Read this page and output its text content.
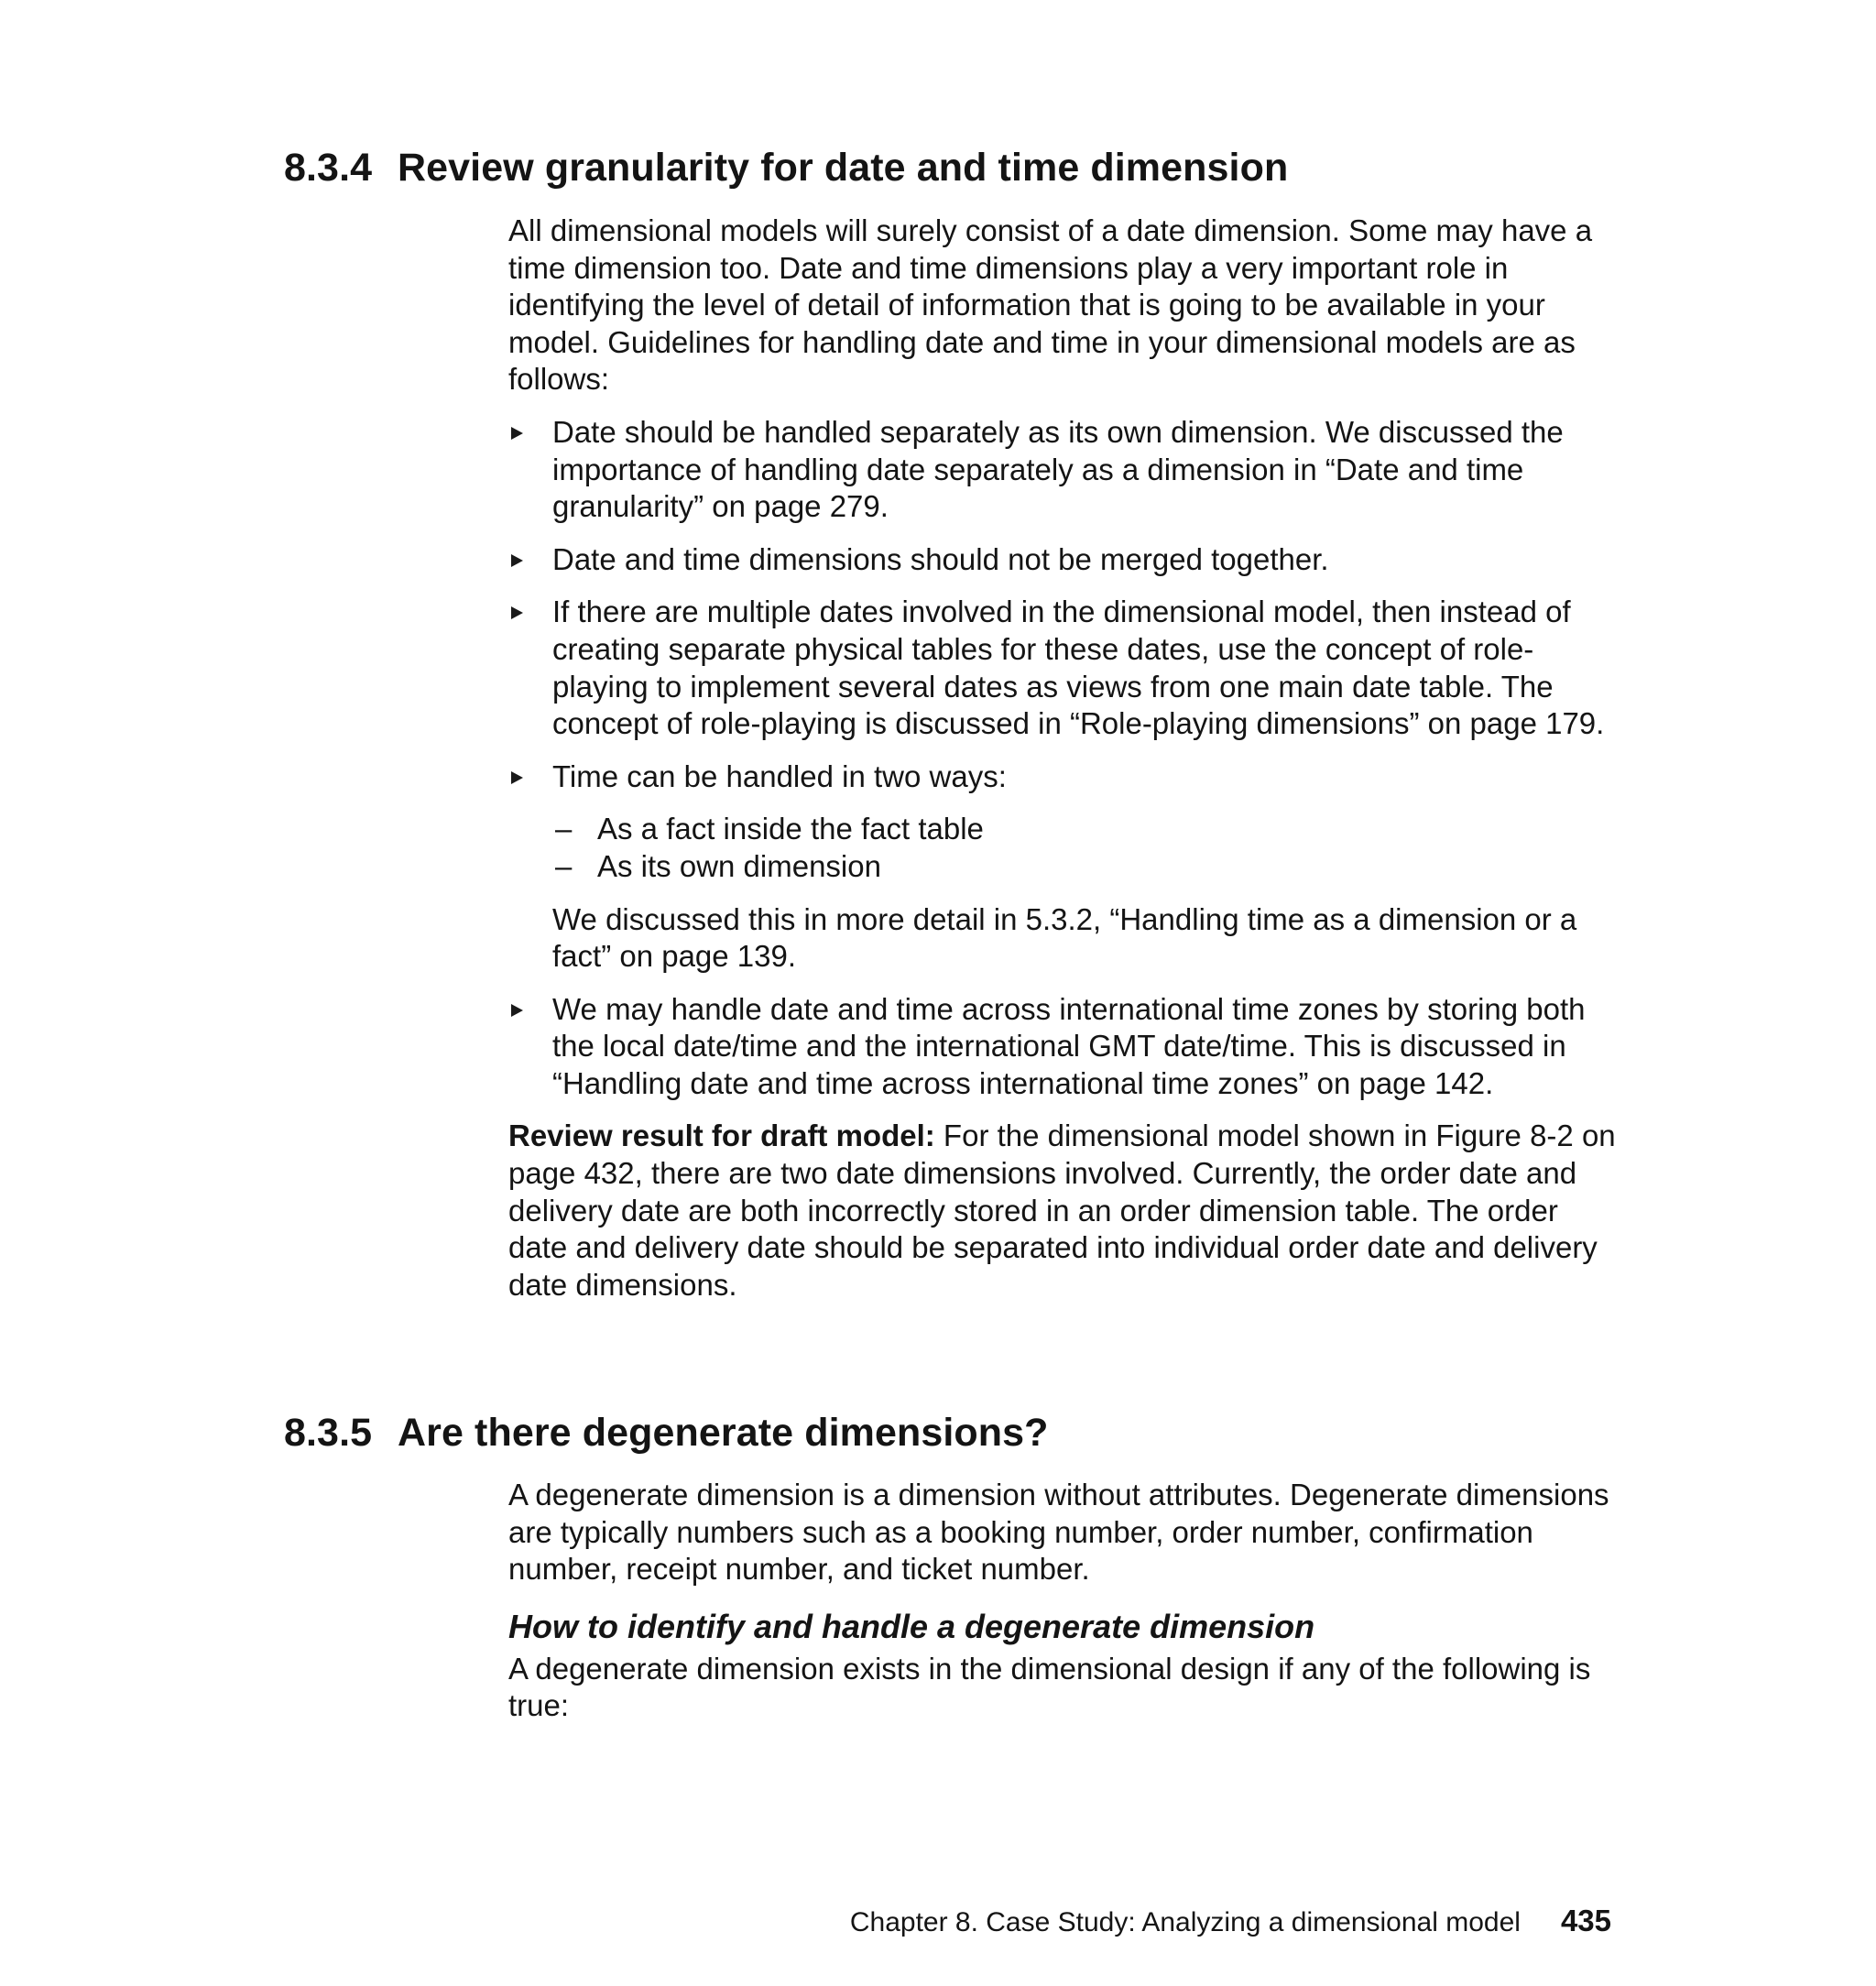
8.3.4 Review granularity for date and time dimension

All dimensional models will surely consist of a date dimension. Some may have a time dimension too. Date and time dimensions play a very important role in identifying the level of detail of information that is going to be available in your model. Guidelines for handling date and time in your dimensional models are as follows:

Date should be handled separately as its own dimension. We discussed the importance of handling date separately as a dimension in “Date and time granularity” on page 279.
Date and time dimensions should not be merged together.
If there are multiple dates involved in the dimensional model, then instead of creating separate physical tables for these dates, use the concept of role-playing to implement several dates as views from one main date table. The concept of role-playing is discussed in “Role-playing dimensions” on page 179.
Time can be handled in two ways:
– As a fact inside the fact table
– As its own dimension

We discussed this in more detail in 5.3.2, “Handling time as a dimension or a fact” on page 139.

We may handle date and time across international time zones by storing both the local date/time and the international GMT date/time. This is discussed in “Handling date and time across international time zones” on page 142.

Review result for draft model: For the dimensional model shown in Figure 8-2 on page 432, there are two date dimensions involved. Currently, the order date and delivery date are both incorrectly stored in an order dimension table. The order date and delivery date should be separated into individual order date and delivery date dimensions.

8.3.5 Are there degenerate dimensions?

A degenerate dimension is a dimension without attributes. Degenerate dimensions are typically numbers such as a booking number, order number, confirmation number, receipt number, and ticket number.

How to identify and handle a degenerate dimension

A degenerate dimension exists in the dimensional design if any of the following is true:

Chapter 8. Case Study: Analyzing a dimensional model 435
